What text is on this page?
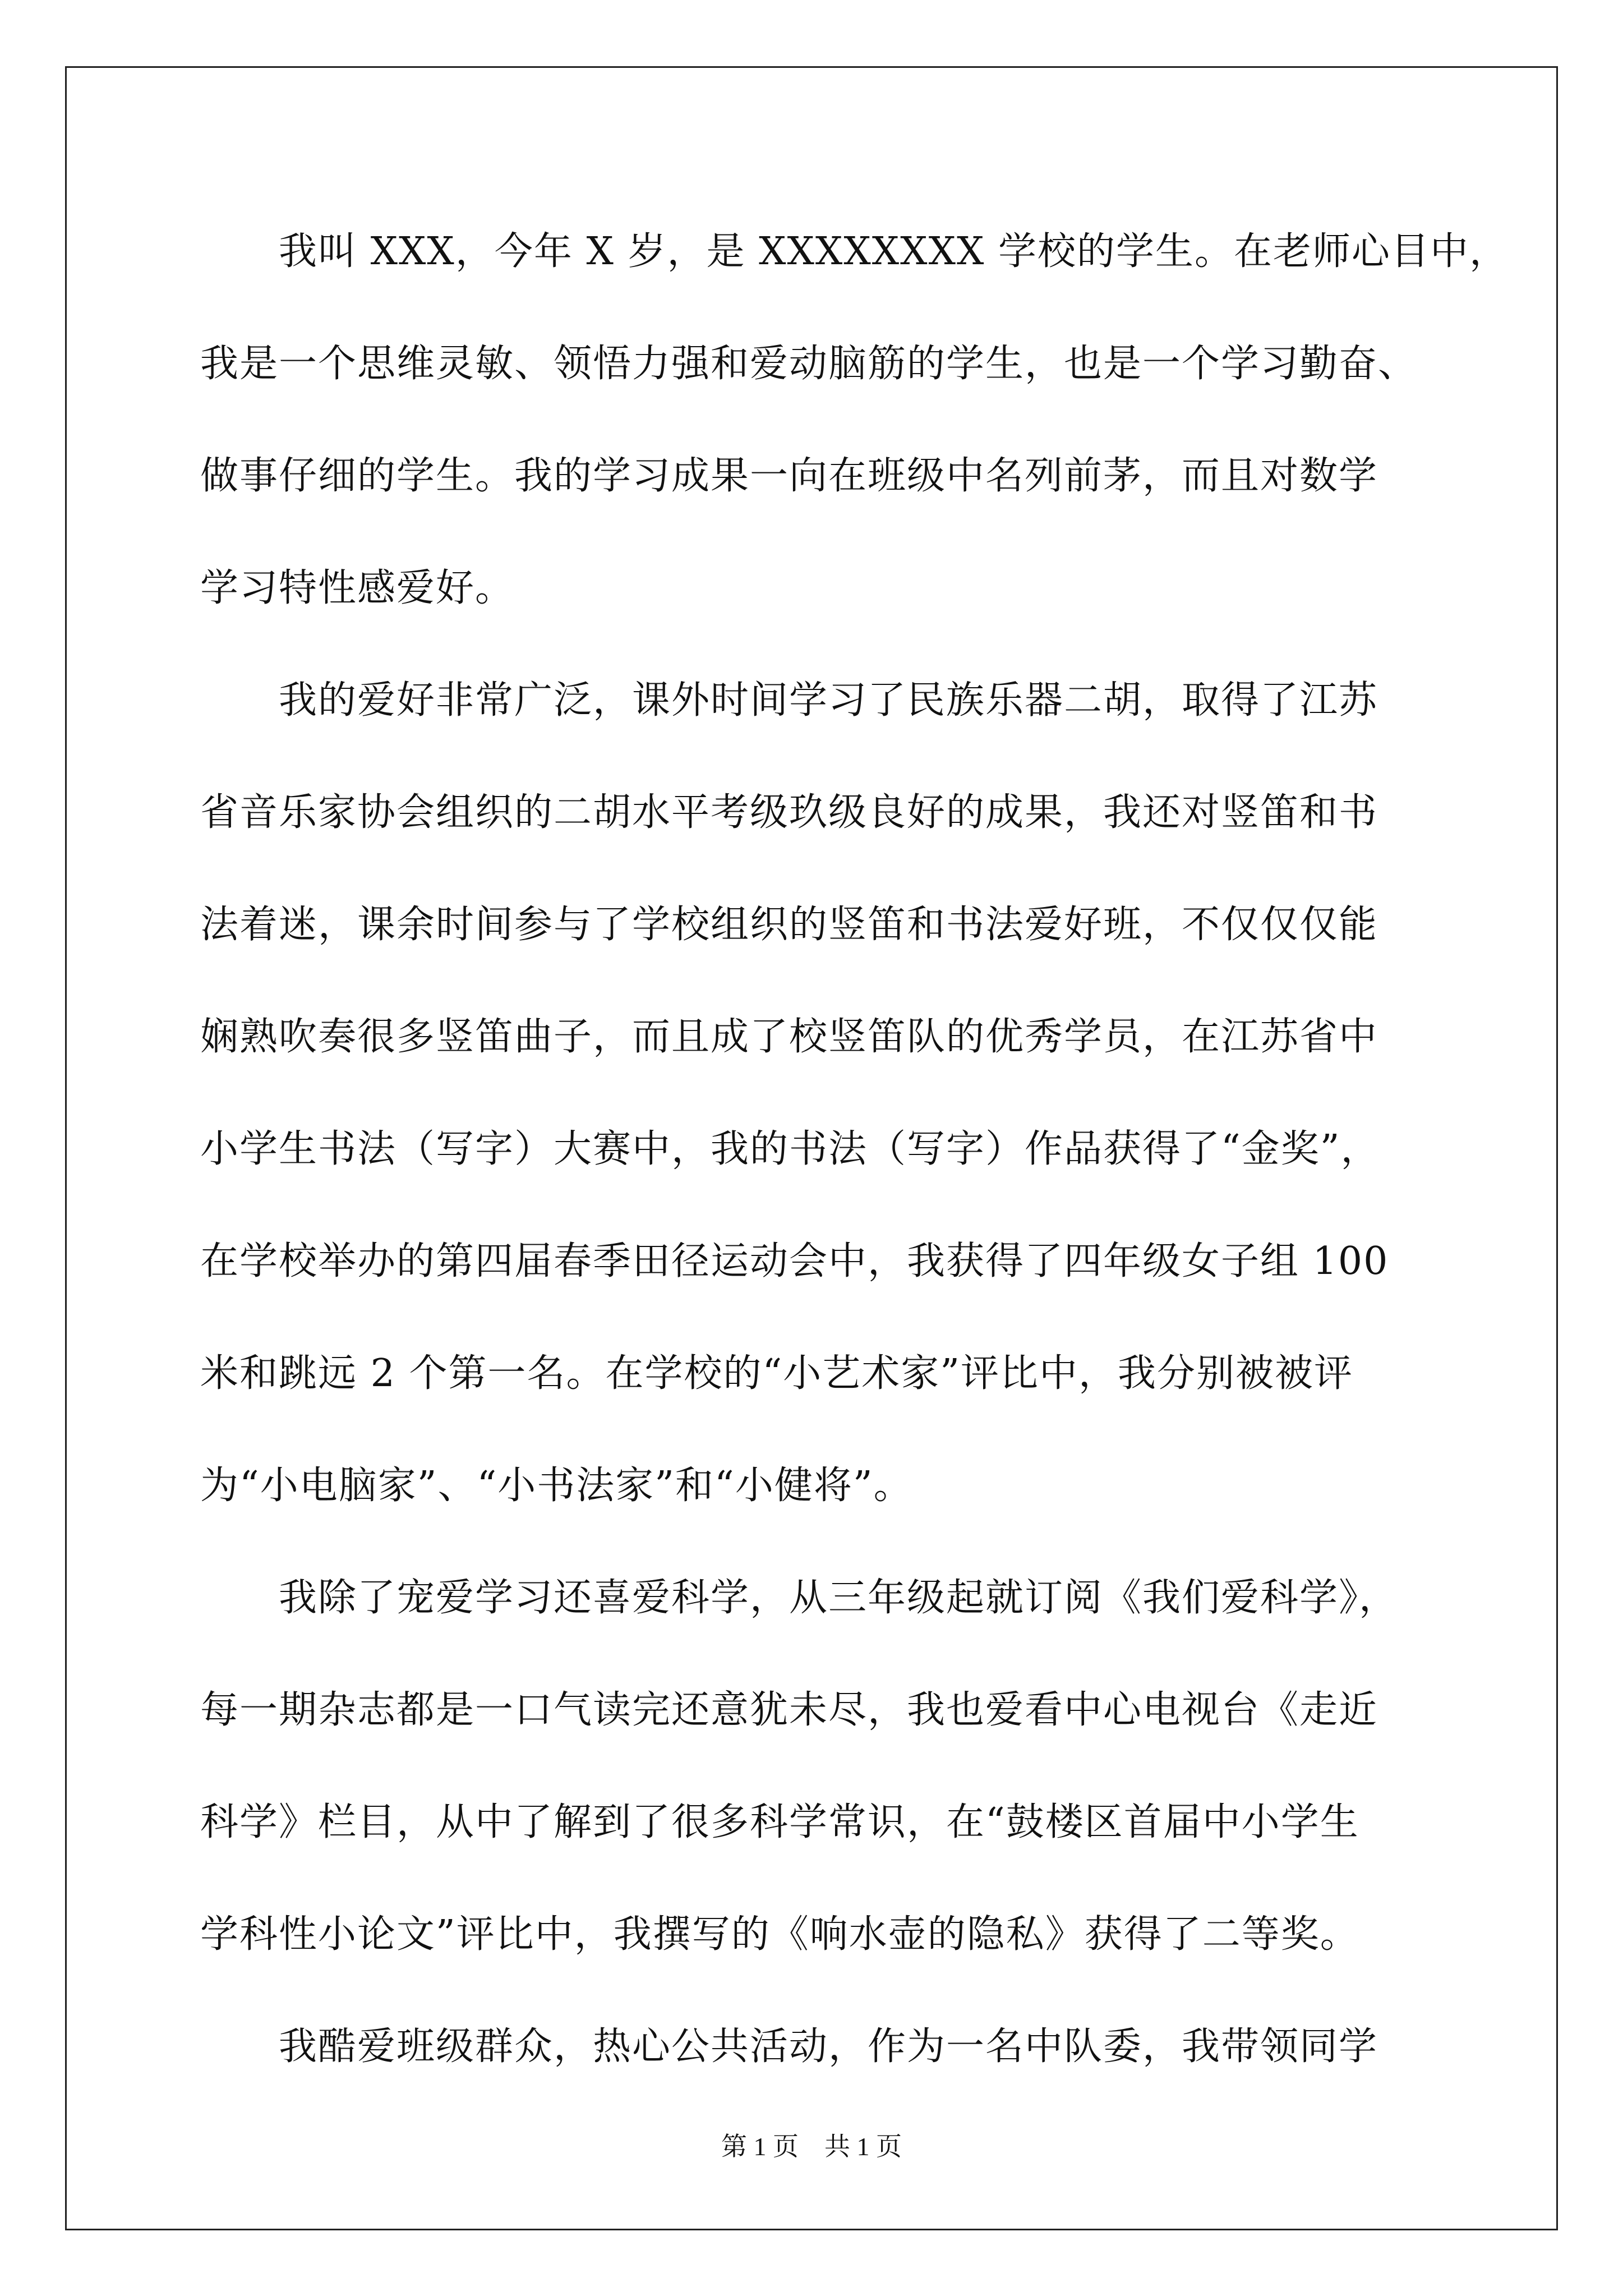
　　我叫 XXX，今年 X 岁，是 XXXXXXXX 学校的学生。在老师心目中，
我是一个思维灵敏、领悟力强和爱动脑筋的学生，也是一个学习勤奋、
做事仔细的学生。我的学习成果一向在班级中名列前茅，而且对数学
学习特性感爱好。
　　我的爱好非常广泛，课外时间学习了民族乐器二胡，取得了江苏
省音乐家协会组织的二胡水平考级玖级良好的成果，我还对竖笛和书
法着迷，课余时间参与了学校组织的竖笛和书法爱好班，不仅仅仅能
娴熟吹奏很多竖笛曲子，而且成了校竖笛队的优秀学员，在江苏省中
小学生书法（写字）大赛中，我的书法（写字）作品获得了“金奖”，
在学校举办的第四届春季田径运动会中，我获得了四年级女子组 100
米和跳远 2 个第一名。在学校的“小艺术家”评比中，我分别被被评
为“小电脑家”、“小书法家”和“小健将”。
　　我除了宠爱学习还喜爱科学，从三年级起就订阅《我们爱科学》，
每一期杂志都是一口气读完还意犹未尽，我也爱看中心电视台《走近
科学》栏目，从中了解到了很多科学常识，在“鼓楼区首届中小学生
学科性小论文”评比中，我撰写的《响水壶的隐私》获得了二等奖。
　　我酷爱班级群众，热心公共活动，作为一名中队委，我带领同学
第 1 页    共 1 页
